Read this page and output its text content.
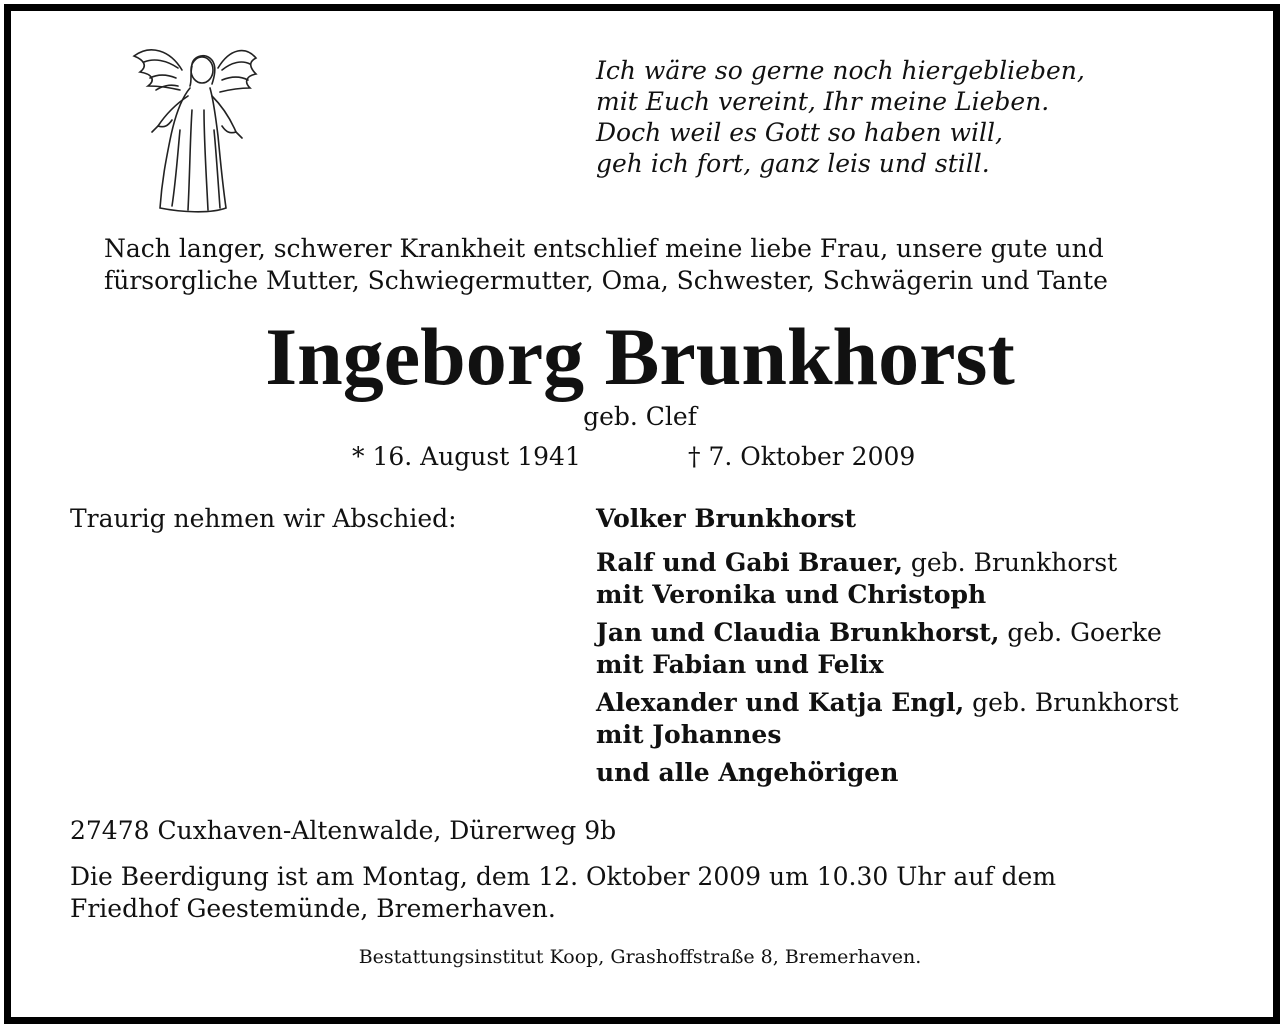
Ich wäre so gerne noch hiergeblieben,
mit Euch vereint, Ihr meine Lieben.
Doch weil es Gott so haben will,
geh ich fort, ganz leis und still.
Nach langer, schwerer Krankheit entschlief meine liebe Frau, unsere gute und
fürsorgliche Mutter, Schwiegermutter, Oma, Schwester, Schwägerin und Tante
Ingeborg Brunkhorst
geb. Clef
* 16. August 1941	† 7. Oktober 2009
Traurig nehmen wir Abschied:	Volker Brunkhorst
Ralf und Gabi Brauer, geb. Brunkhorst
mit Veronika und Christoph
Jan und Claudia Brunkhorst, geb. Goerke
mit Fabian und Felix
Alexander und Katja Engl, geb. Brunkhorst
mit Johannes
und alle Angehörigen
27478 Cuxhaven-Altenwalde, Dürerweg 9b
Die Beerdigung ist am Montag, dem 12. Oktober 2009 um 10.30 Uhr auf dem
Friedhof Geestemünde, Bremerhaven.
Bestattungsinstitut Koop, Grashoffstraße 8, Bremerhaven.
